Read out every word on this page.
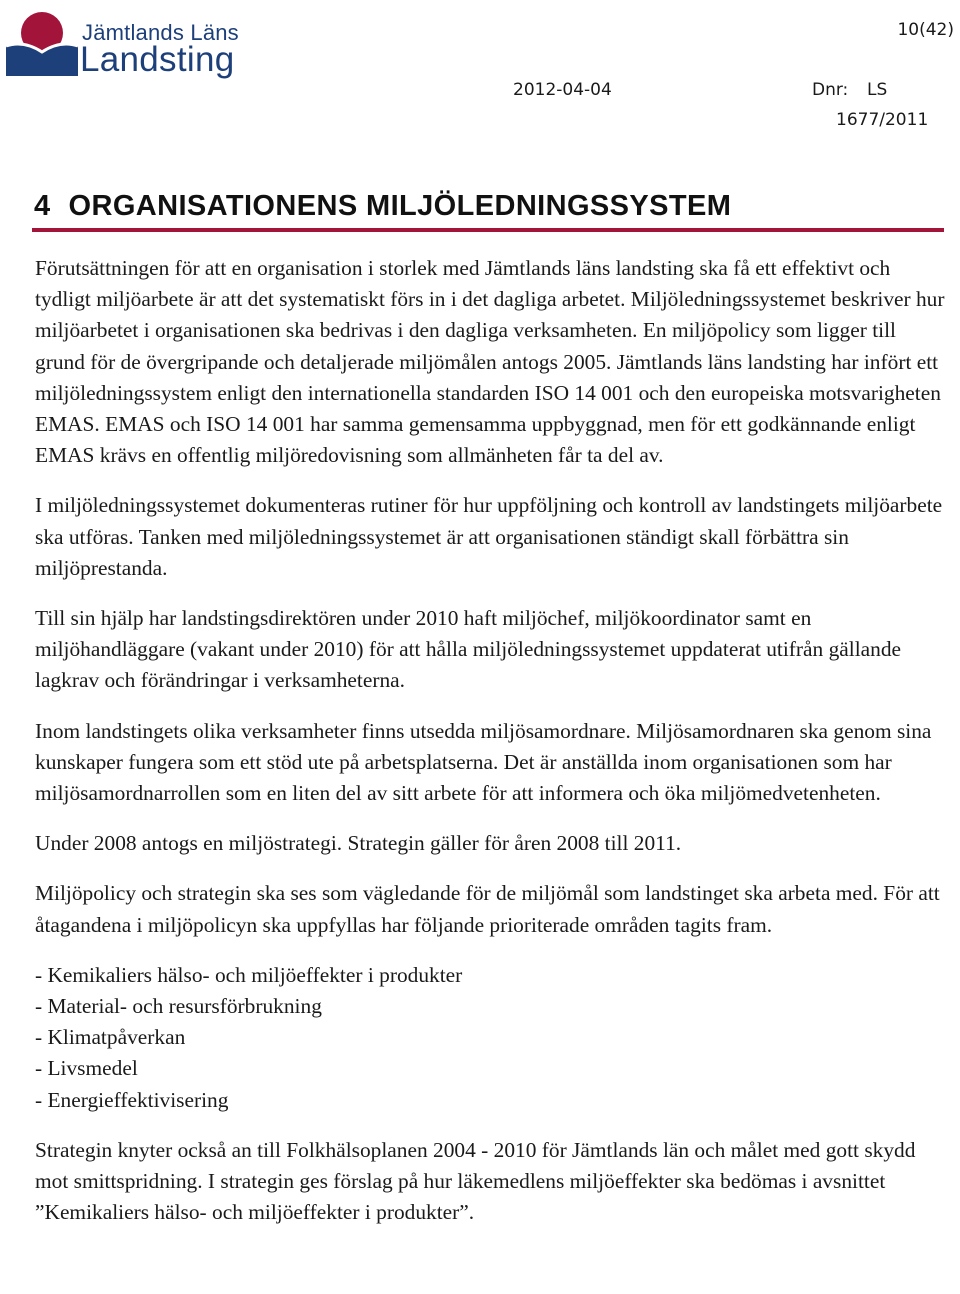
Jämtlands Läns
Landsting
10(42)
2012-04-04	Dnr: LS
1677/2011
4 ORGANISATIONENS MILJÖLEDNINGSSYSTEM

Förutsättningen för att en organisation i storlek med Jämtlands läns landsting ska få ett effektivt och tydligt miljöarbete är att det systematiskt förs in i det dagliga arbetet. Miljöledningssystemet beskriver hur miljöarbetet i organisationen ska bedrivas i den dagliga verksamheten. En miljöpolicy som ligger till grund för de övergripande och detaljerade miljömålen antogs 2005. Jämtlands läns landsting har infört ett miljöledningssystem enligt den internationella standarden ISO 14 001 och den europeiska motsvarigheten EMAS. EMAS och ISO 14 001 har samma gemensamma uppbyggnad, men för ett godkännande enligt EMAS krävs en offentlig miljöredovisning som allmänheten får ta del av.

I miljöledningssystemet dokumenteras rutiner för hur uppföljning och kontroll av landstingets miljöarbete ska utföras. Tanken med miljöledningssystemet är att organisationen ständigt skall förbättra sin miljöprestanda.

Till sin hjälp har landstingsdirektören under 2010 haft miljöchef, miljökoordinator samt en miljöhandläggare (vakant under 2010) för att hålla miljöledningssystemet uppdaterat utifrån gällande lagkrav och förändringar i verksamheterna.

Inom landstingets olika verksamheter finns utsedda miljösamordnare. Miljösamordnaren ska genom sina kunskaper fungera som ett stöd ute på arbetsplatserna. Det är anställda inom organisationen som har miljösamordnarrollen som en liten del av sitt arbete för att informera och öka miljömedvetenheten.

Under 2008 antogs en miljöstrategi. Strategin gäller för åren 2008 till 2011.

Miljöpolicy och strategin ska ses som vägledande för de miljömål som landstinget ska arbeta med. För att åtagandena i miljöpolicyn ska uppfyllas har följande prioriterade områden tagits fram.

- Kemikaliers hälso- och miljöeffekter i produkter
- Material- och resursförbrukning
- Klimatpåverkan
- Livsmedel
- Energieffektivisering

Strategin knyter också an till Folkhälsoplanen 2004 - 2010 för Jämtlands län och målet med gott skydd mot smittspridning. I strategin ges förslag på hur läkemedlens miljöeffekter ska bedömas i avsnittet ”Kemikaliers hälso- och miljöeffekter i produkter”.
